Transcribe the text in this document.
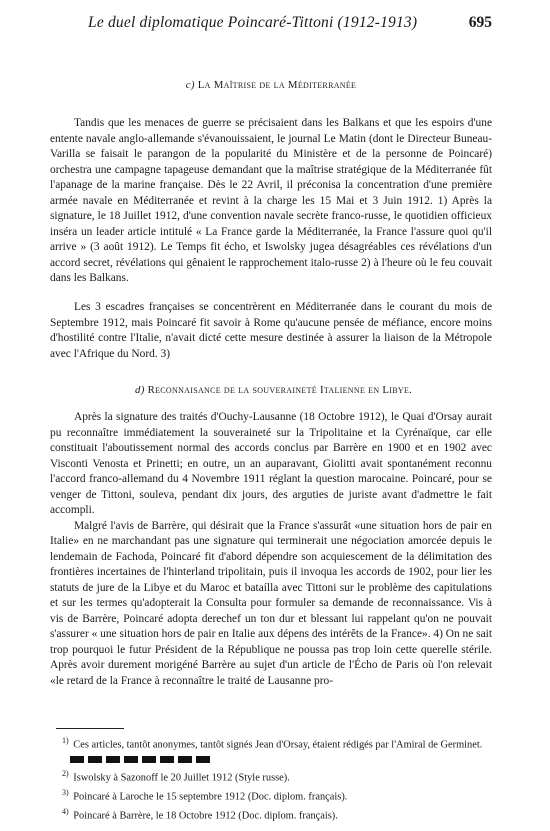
Le duel diplomatique Poincaré-Tittoni (1912-1913)	695
c) La Maîtrise de la Méditerranée

Tandis que les menaces de guerre se précisaient dans les Balkans et que les espoirs d'une entente navale anglo-allemande s'évanouissaient, le journal Le Matin (dont le Directeur Buneau-Varilla se faisait le parangon de la popularité du Ministère et de la personne de Poincaré) orchestra une campagne tapageuse demandant que la maîtrise stratégique de la Méditerranée fût l'apanage de la marine française. Dès le 22 Avril, il préconisa la concentration d'une première armée navale en Méditerranée et revint à la charge les 15 Mai et 3 Juin 1912. 1) Après la signature, le 18 Juillet 1912, d'une convention navale secrète franco-russe, le quotidien officieux inséra un leader article intitulé « La France garde la Méditerranée, la France l'assure quoi qu'il arrive » (3 août 1912). Le Temps fit écho, et Iswolsky jugea désagréables ces révélations d'un accord secret, révélations qui gênaient le rapprochement italo-russe 2) à l'heure où le feu couvait dans les Balkans.

Les 3 escadres françaises se concentrèrent en Méditerranée dans le courant du mois de Septembre 1912, mais Poincaré fit savoir à Rome qu'aucune pensée de méfiance, encore moins d'hostilité contre l'Italie, n'avait dicté cette mesure destinée à assurer la liaison de la Métropole avec l'Afrique du Nord. 3)

d) Reconnaisance de la souveraineté Italienne en Libye.

Après la signature des traités d'Ouchy-Lausanne (18 Octobre 1912), le Quai d'Orsay aurait pu reconnaître immédiatement la souveraineté sur la Tripolitaine et la Cyrénaïque, car elle constituait l'aboutissement normal des accords conclus par Barrère en 1900 et en 1902 avec Visconti Venosta et Prinetti; en outre, un an auparavant, Giolitti avait spontanément reconnu l'accord franco-allemand du 4 Novembre 1911 réglant la question marocaine. Poincaré, pour se venger de Tittoni, souleva, pendant dix jours, des arguties de juriste avant d'admettre le fait accompli.

Malgré l'avis de Barrère, qui désirait que la France s'assurât «une situation hors de pair en Italie» en ne marchandant pas une signature qui terminerait une négociation amorcée depuis le lendemain de Fachoda, Poincaré fit d'abord dépendre son acquiescement de la délimitation des frontières incertaines de l'hinterland tripolitain, puis il invoqua les accords de 1902, pour lier les statuts de jure de la Libye et du Maroc et bataílla avec Tittoni sur le problème des capitulations et sur les termes qu'adopterait la Consulta pour formuler sa demande de reconnaissance. Vis à vis de Barrère, Poincaré adopta derechef un ton dur et blessant lui rappelant qu'on ne pouvait s'assurer « une situation hors de pair en Italie aux dépens des intérêts de la France». 4) On ne sait trop pourquoi le futur Président de la République ne poussa pas trop loin cette querelle stérile. Après avoir durement morigéné Barrère au sujet d'un article de l'Écho de Paris où l'on relevait «le retard de la France à reconnaître le traité de Lausanne pro-

$^{1)}$ Ces articles, tantôt anonymes, tantôt signés Jean d'Orsay, étaient rédigés par l'Amiral de Germinet.

$^{2)}$ Iswolsky à Sazonoff le 20 Juillet 1912 (Style russe).

$^{3)}$ Poincaré à Laroche le 15 septembre 1912 (Doc. diplom. français).

$^{4)}$ Poincaré à Barrère, le 18 Octobre 1912 (Doc. diplom. français).
